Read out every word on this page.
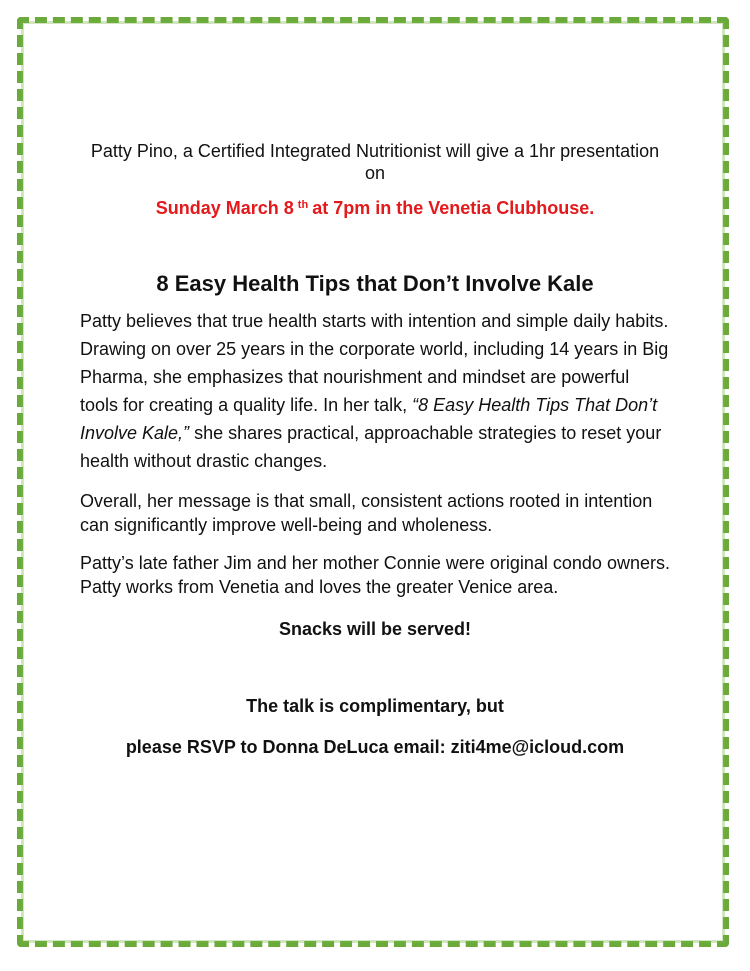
Patty Pino, a Certified Integrated Nutritionist will give a 1hr presentation on

Sunday March 8 $^{th}$ at 7pm in the Venetia Clubhouse.

8 Easy Health Tips that Don’t Involve Kale

Patty believes that true health starts with intention and simple daily habits. Drawing on over 25 years in the corporate world, including 14 years in Big Pharma, she emphasizes that nourishment and mindset are powerful tools for creating a quality life. In her talk, “8 Easy Health Tips That Don’t Involve Kale,” she shares practical, approachable strategies to reset your health without drastic changes.

Overall, her message is that small, consistent actions rooted in intention can significantly improve well-being and wholeness.

Patty’s late father Jim and her mother Connie were original condo owners. Patty works from Venetia and loves the greater Venice area.

Snacks will be served!

The talk is complimentary, but

please RSVP to Donna DeLuca email: ziti4me@icloud.com
